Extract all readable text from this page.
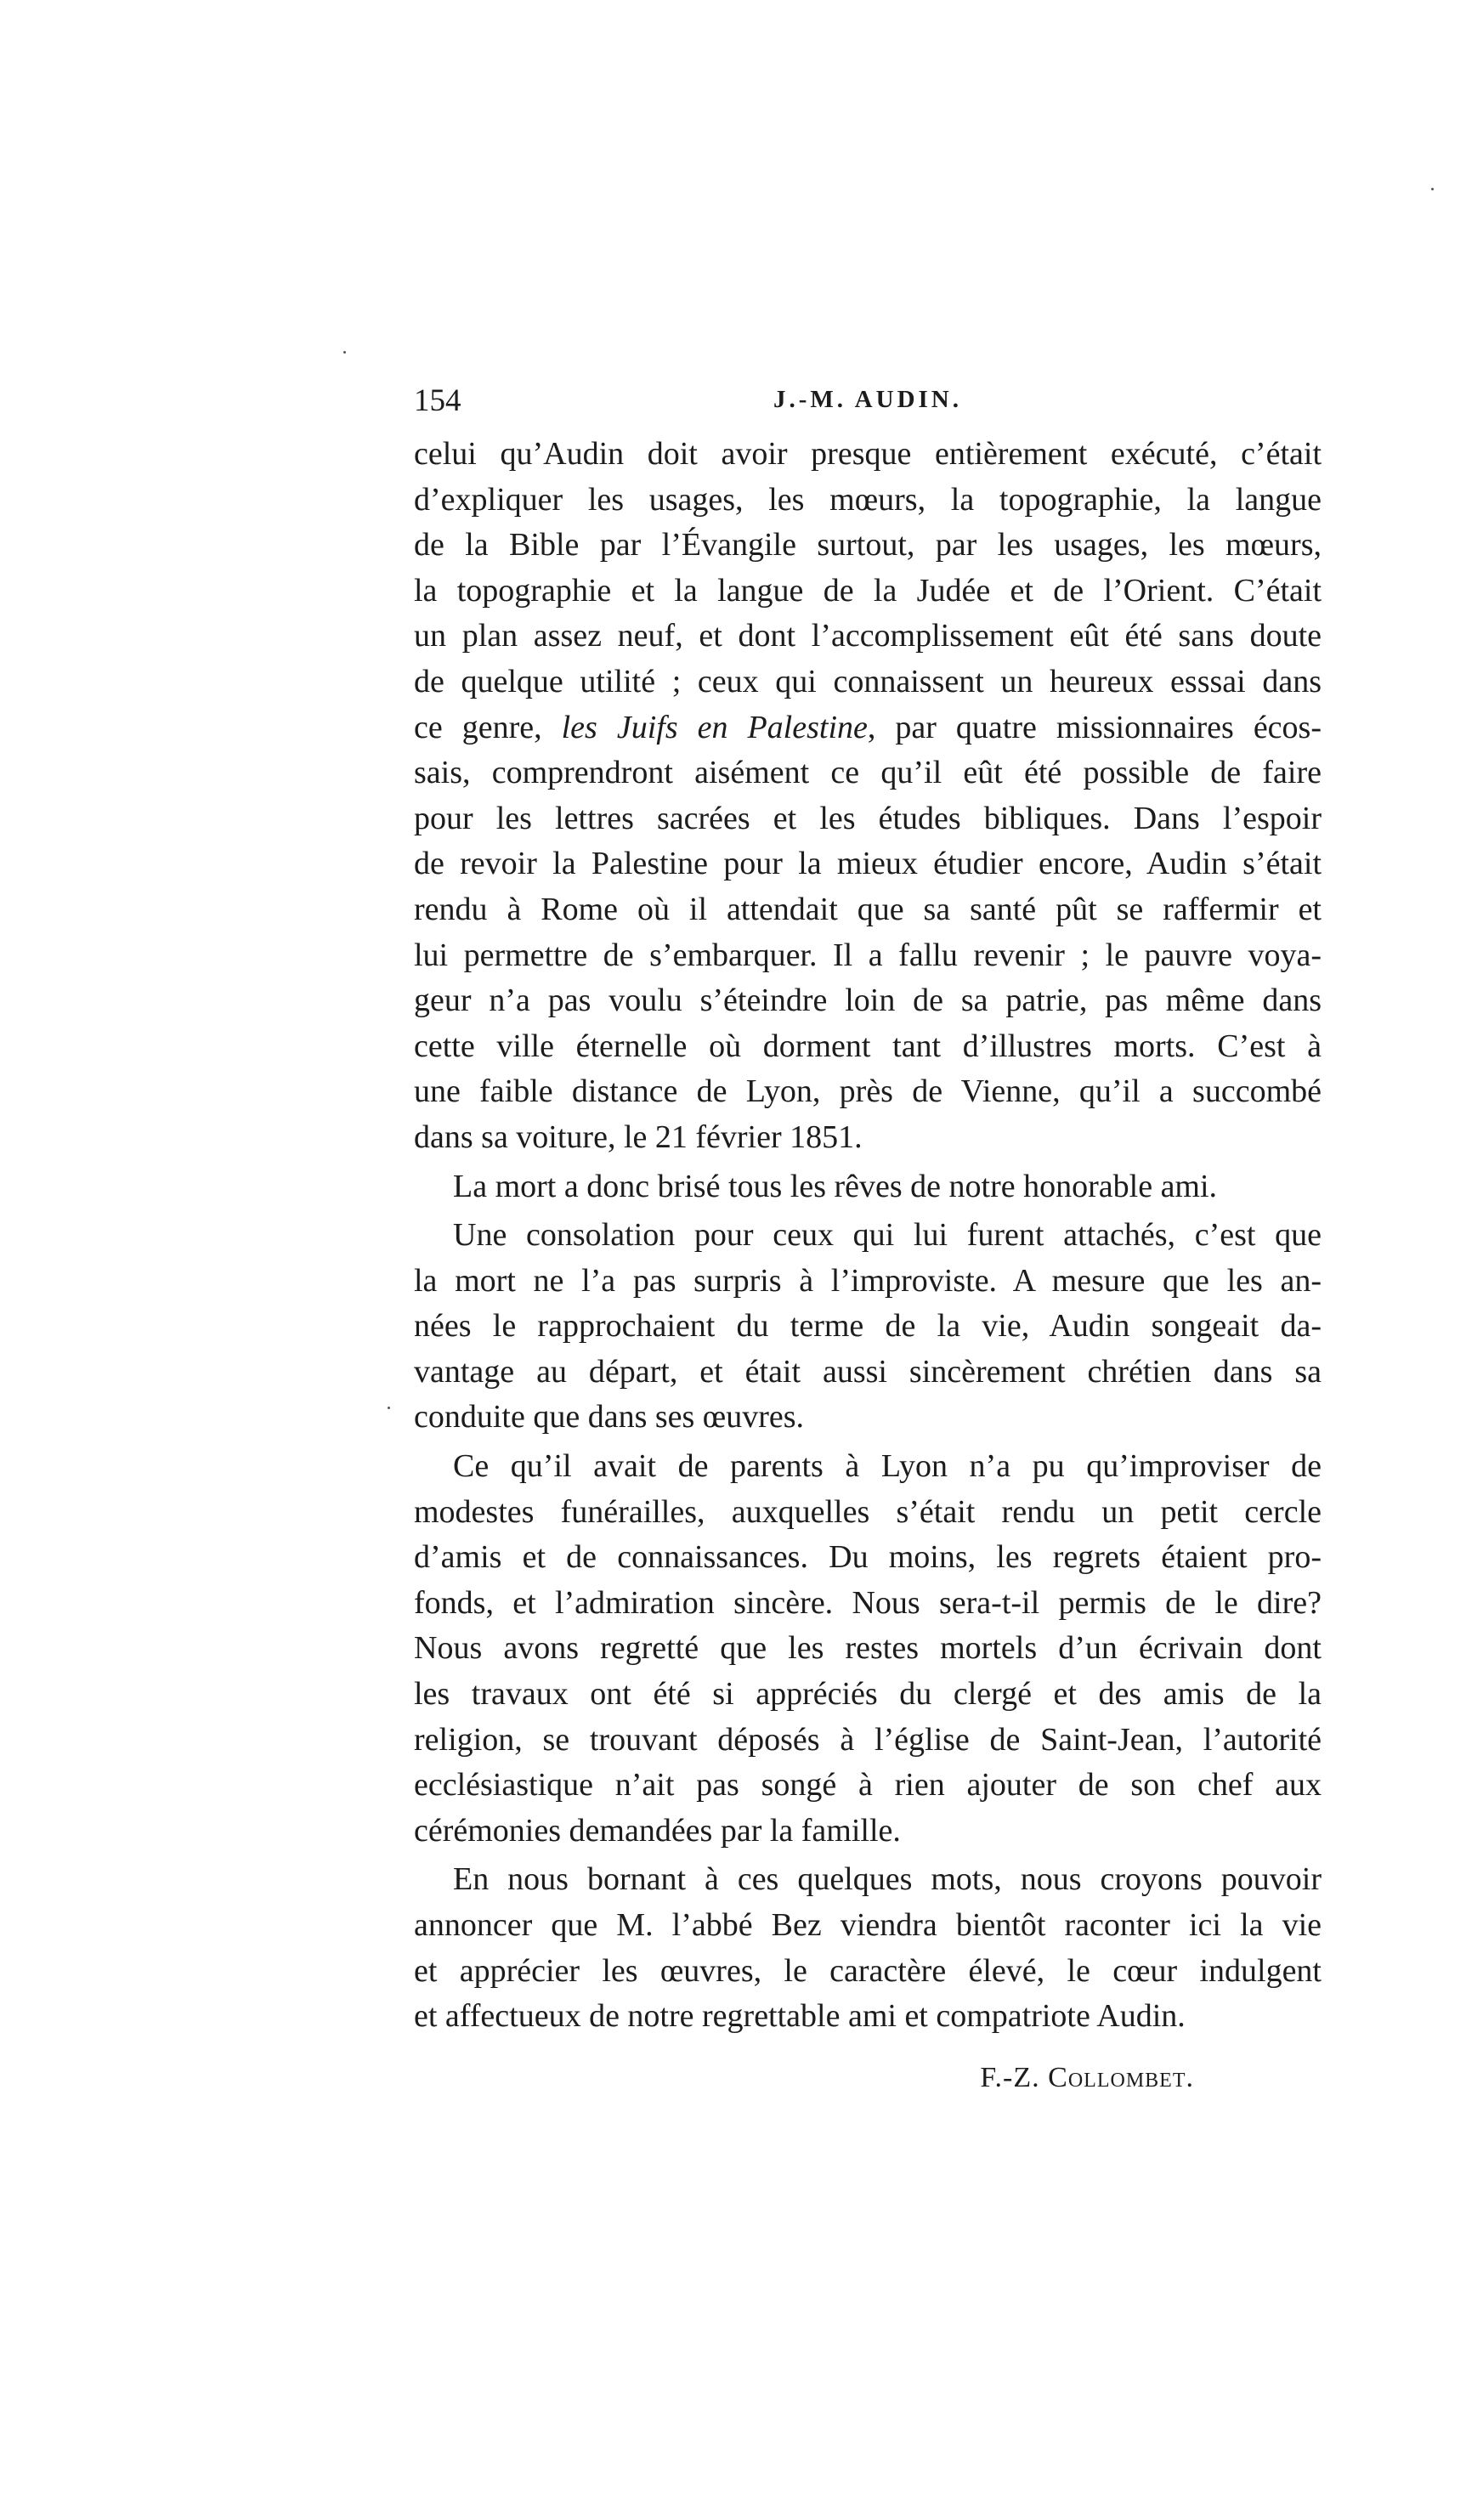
154	J.-M. AUDIN.

celui qu’Audin doit avoir presque entièrement exécuté, c’était
d’expliquer les usages, les mœurs, la topographie, la langue
de la Bible par l’Évangile surtout, par les usages, les mœurs,
la topographie et la langue de la Judée et de l’Orient. C’était
un plan assez neuf, et dont l’accomplissement eût été sans doute
de quelque utilité ; ceux qui connaissent un heureux esssai dans
ce genre, les Juifs en Palestine, par quatre missionnaires écos-
sais, comprendront aisément ce qu’il eût été possible de faire
pour les lettres sacrées et les études bibliques. Dans l’espoir
de revoir la Palestine pour la mieux étudier encore, Audin s’était
rendu à Rome où il attendait que sa santé pût se raffermir et
lui permettre de s’embarquer. Il a fallu revenir ; le pauvre voya-
geur n’a pas voulu s’éteindre loin de sa patrie, pas même dans
cette ville éternelle où dorment tant d’illustres morts. C’est à
une faible distance de Lyon, près de Vienne, qu’il a succombé
dans sa voiture, le 21 février 1851.

La mort a donc brisé tous les rêves de notre honorable ami.

Une consolation pour ceux qui lui furent attachés, c’est que
la mort ne l’a pas surpris à l’improviste. A mesure que les an-
nées le rapprochaient du terme de la vie, Audin songeait da-
vantage au départ, et était aussi sincèrement chrétien dans sa
conduite que dans ses œuvres.

Ce qu’il avait de parents à Lyon n’a pu qu’improviser de
modestes funérailles, auxquelles s’était rendu un petit cercle
d’amis et de connaissances. Du moins, les regrets étaient pro-
fonds, et l’admiration sincère. Nous sera-t-il permis de le dire?
Nous avons regretté que les restes mortels d’un écrivain dont
les travaux ont été si appréciés du clergé et des amis de la
religion, se trouvant déposés à l’église de Saint-Jean, l’autorité
ecclésiastique n’ait pas songé à rien ajouter de son chef aux
cérémonies demandées par la famille.

En nous bornant à ces quelques mots, nous croyons pouvoir
annoncer que M. l’abbé Bez viendra bientôt raconter ici la vie
et apprécier les œuvres, le caractère élevé, le cœur indulgent
et affectueux de notre regrettable ami et compatriote Audin.

F.-Z. Collombet.
